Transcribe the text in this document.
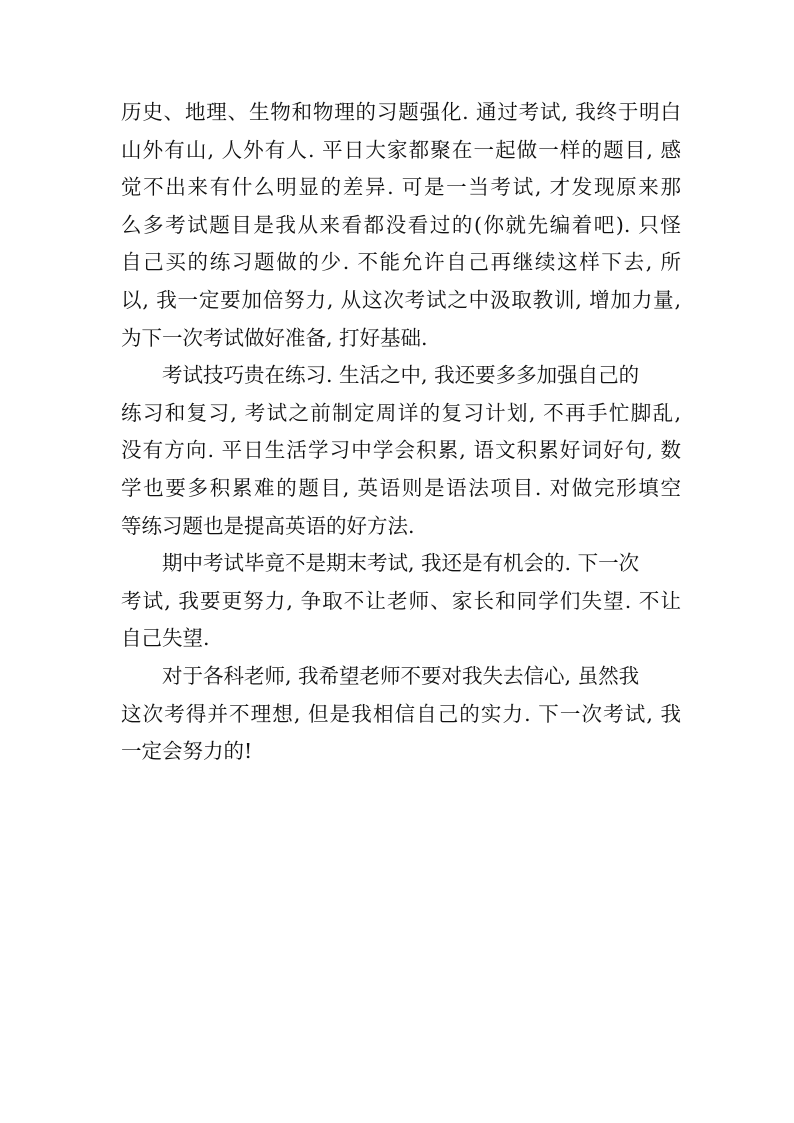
历史、地理、生物和物理的习题强化. 通过考试, 我终于明白
山外有山, 人外有人. 平日大家都聚在一起做一样的题目, 感
觉不出来有什么明显的差异. 可是一当考试, 才发现原来那
么多考试题目是我从来看都没看过的(你就先编着吧). 只怪
自己买的练习题做的少. 不能允许自己再继续这样下去, 所
以, 我一定要加倍努力, 从这次考试之中汲取教训, 增加力量,
为下一次考试做好准备, 打好基础.
考试技巧贵在练习. 生活之中, 我还要多多加强自己的
练习和复习, 考试之前制定周详的复习计划, 不再手忙脚乱,
没有方向. 平日生活学习中学会积累, 语文积累好词好句, 数
学也要多积累难的题目, 英语则是语法项目. 对做完形填空
等练习题也是提高英语的好方法.
期中考试毕竟不是期末考试, 我还是有机会的. 下一次
考试, 我要更努力, 争取不让老师、家长和同学们失望. 不让
自己失望.
对于各科老师, 我希望老师不要对我失去信心, 虽然我
这次考得并不理想, 但是我相信自己的实力. 下一次考试, 我
一定会努力的!
